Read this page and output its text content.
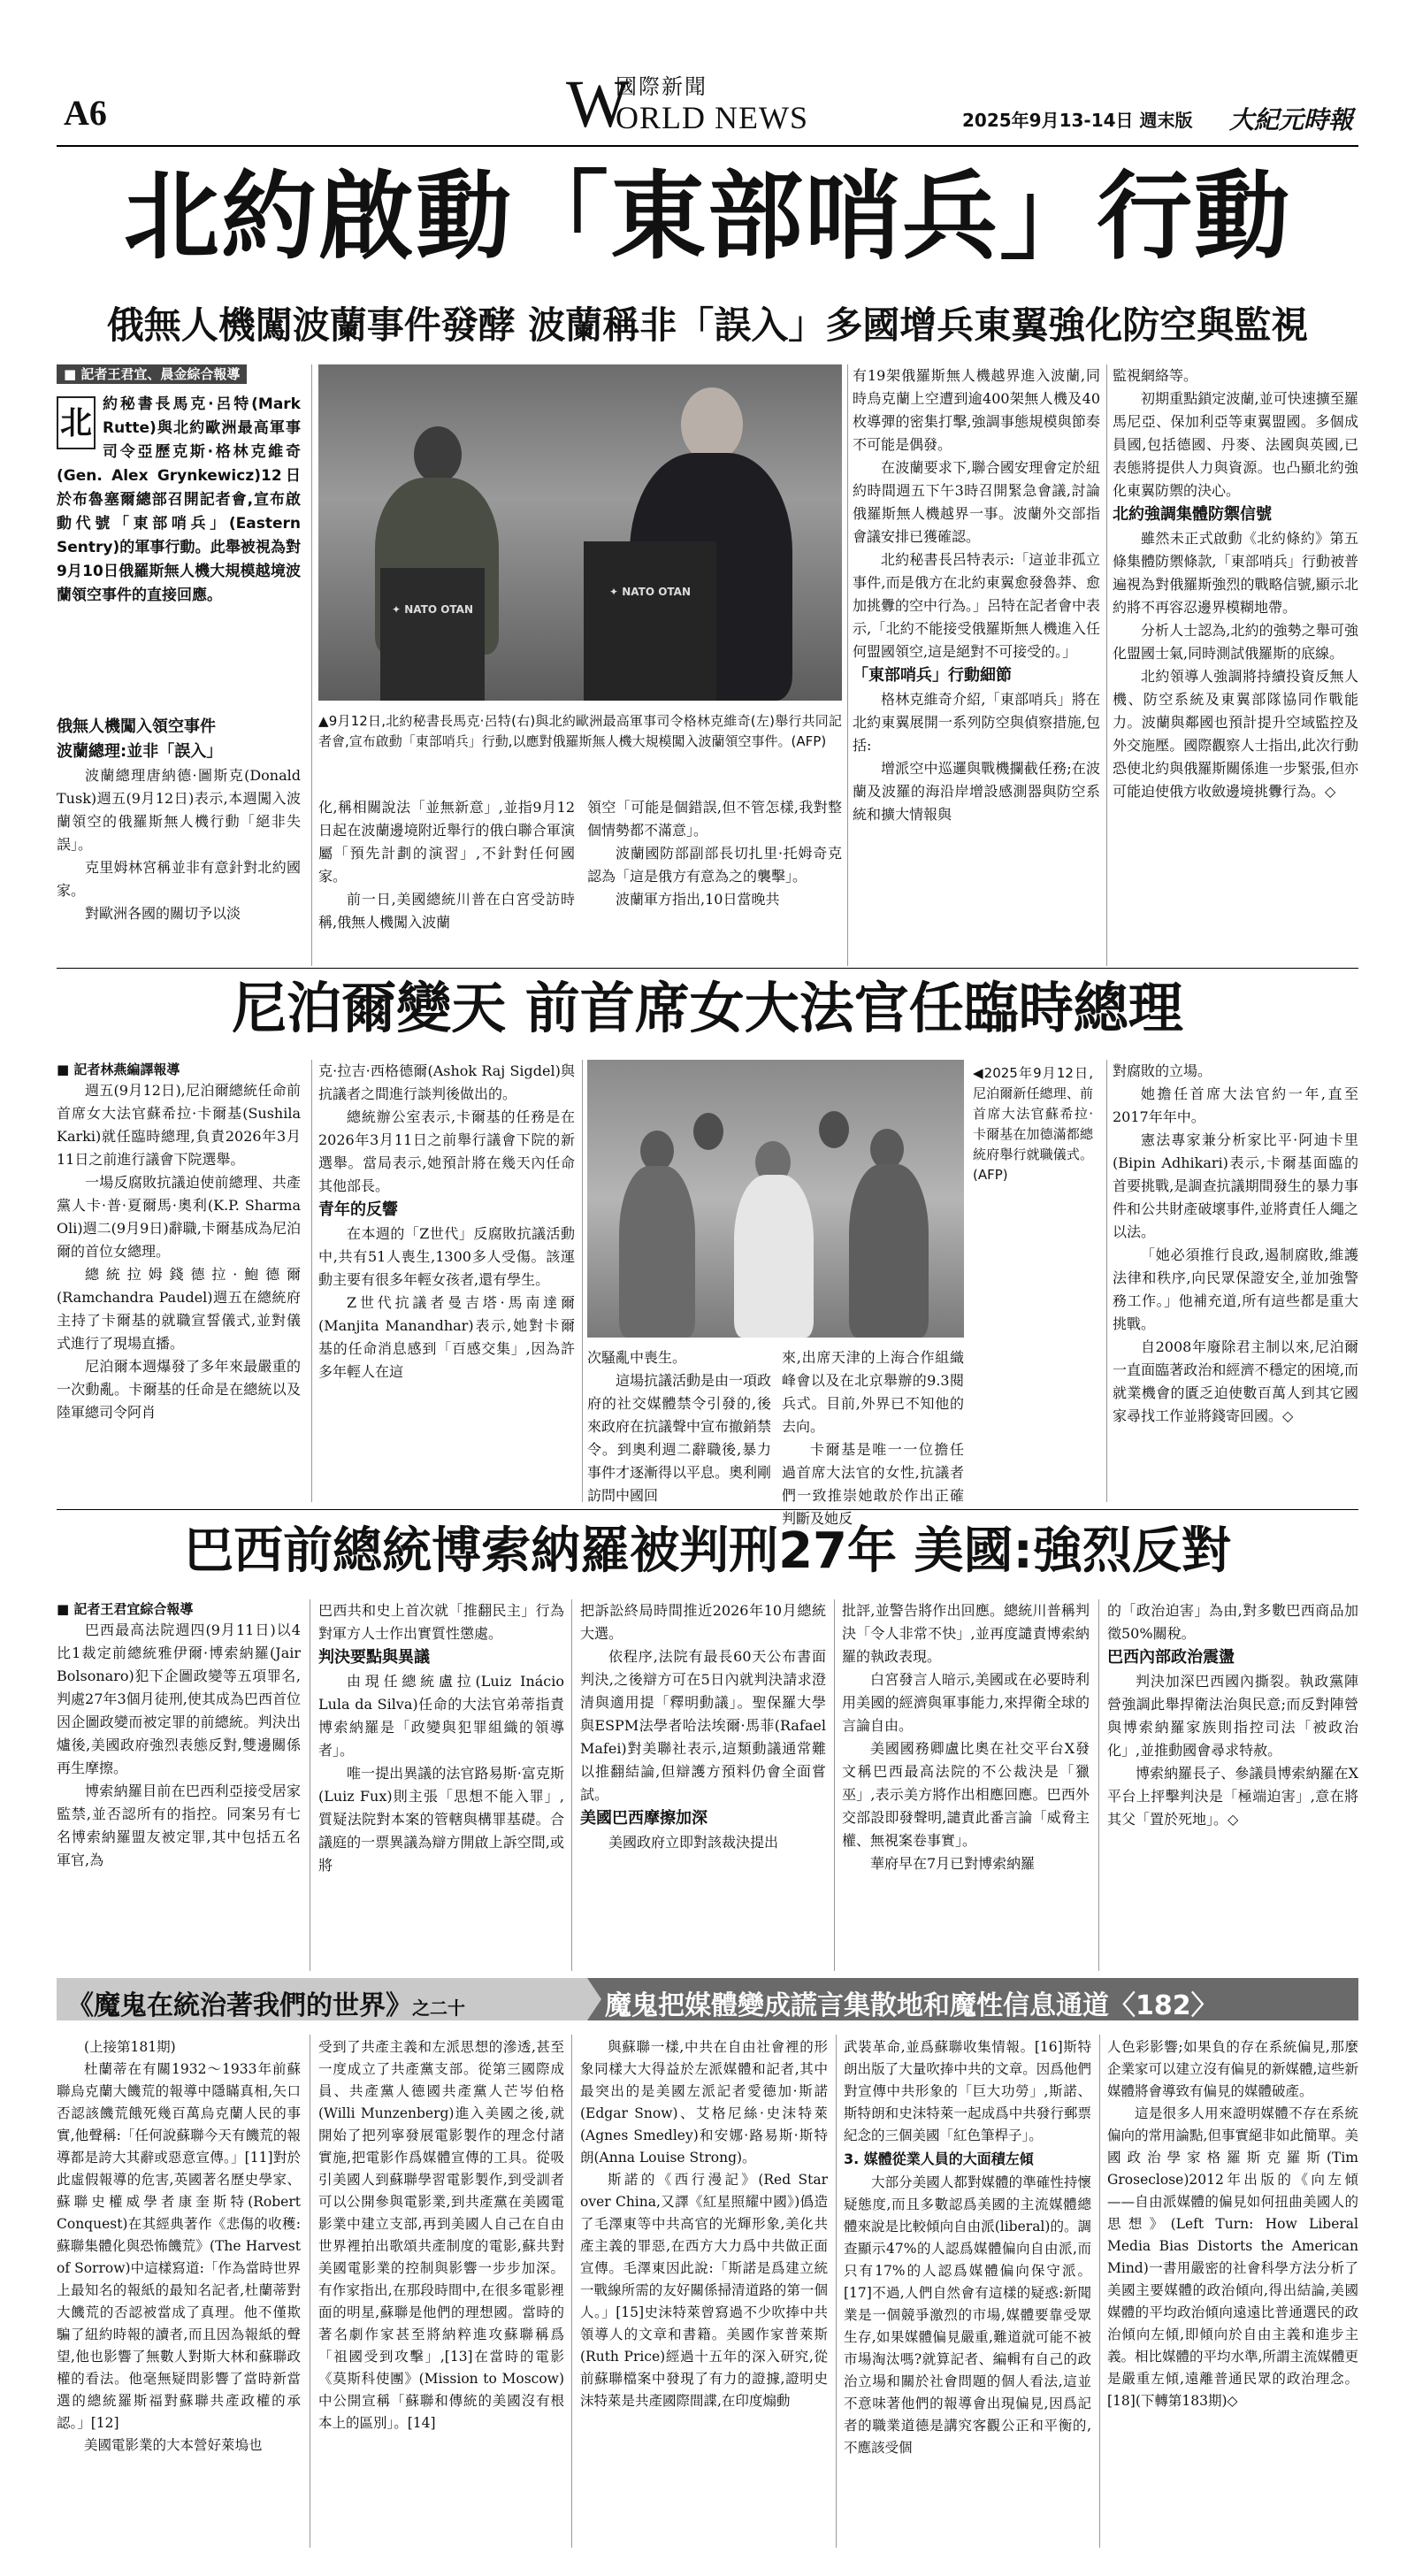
A6	W
國際新聞
ORLD NEWS	2025年9月13-14日 週末版 大紀元時報
北約啟動「東部哨兵」行動
俄無人機闖波蘭事件發酵 波蘭稱非「誤入」多國增兵東翼強化防空與監視
■ 記者王君宜、晨金綜合報導
北
約秘書長馬克·呂特(Mark Rutte)與北約歐洲最高軍事司令亞歷克斯·格林克維奇(Gen. Alex Grynkewicz)12日於布魯塞爾總部召開記者會,宣布啟動代號「東部哨兵」(Eastern Sentry)的軍事行動。此舉被視為對9月10日俄羅斯無人機大規模越境波蘭領空事件的直接回應。
✦ NATO OTAN
✦ NATO OTAN
▲9月12日,北約秘書長馬克·呂特(右)與北約歐洲最高軍事司令格林克維奇(左)舉行共同記者會,宣布啟動「東部哨兵」行動,以應對俄羅斯無人機大規模闖入波蘭領空事件。(AFP)

俄無人機闖入領空事件
波蘭總理:並非「誤入」

波蘭總理唐納德·圖斯克(Donald Tusk)週五(9月12日)表示,本週闖入波蘭領空的俄羅斯無人機行動「絕非失誤」。

克里姆林宮稱並非有意針對北約國家。

對歐洲各國的關切予以淡

化,稱相關說法「並無新意」,並指9月12日起在波蘭邊境附近舉行的俄白聯合軍演屬「預先計劃的演習」,不針對任何國家。

前一日,美國總統川普在白宮受訪時稱,俄無人機闖入波蘭

領空「可能是個錯誤,但不管怎樣,我對整個情勢都不滿意」。

波蘭國防部副部長切扎里·托姆奇克認為「這是俄方有意為之的襲擊」。

波蘭軍方指出,10日當晚共

有19架俄羅斯無人機越界進入波蘭,同時烏克蘭上空遭到逾400架無人機及40枚導彈的密集打擊,強調事態規模與節奏不可能是偶發。

在波蘭要求下,聯合國安理會定於紐約時間週五下午3時召開緊急會議,討論俄羅斯無人機越界一事。波蘭外交部指會議安排已獲確認。

北約秘書長呂特表示:「這並非孤立事件,而是俄方在北約東翼愈發魯莽、愈加挑釁的空中行為。」呂特在記者會中表示,「北約不能接受俄羅斯無人機進入任何盟國領空,這是絕對不可接受的。」

「東部哨兵」行動細節

格林克維奇介紹,「東部哨兵」將在北約東翼展開一系列防空與偵察措施,包括:

增派空中巡邏與戰機攔截任務;在波蘭及波羅的海沿岸增設感測器與防空系統和擴大情報與

監視網絡等。

初期重點鎖定波蘭,並可快速擴至羅馬尼亞、保加利亞等東翼盟國。多個成員國,包括德國、丹麥、法國與英國,已表態將提供人力與資源。也凸顯北約強化東翼防禦的決心。

北約強調集體防禦信號

雖然未正式啟動《北約條約》第五條集體防禦條款,「東部哨兵」行動被普遍視為對俄羅斯強烈的戰略信號,顯示北約將不再容忍邊界模糊地帶。

分析人士認為,北約的強勢之舉可強化盟國士氣,同時測試俄羅斯的底線。

北約領導人強調將持續投資反無人機、防空系統及東翼部隊協同作戰能力。波蘭與鄰國也預計提升空域監控及外交施壓。國際觀察人士指出,此次行動恐使北約與俄羅斯關係進一步緊張,但亦可能迫使俄方收斂邊境挑釁行為。◇

尼泊爾變天 前首席女大法官任臨時總理

■ 記者林燕編譯報導

週五(9月12日),尼泊爾總統任命前首席女大法官蘇希拉·卡爾基(Sushila Karki)就任臨時總理,負責2026年3月11日之前進行議會下院選舉。

一場反腐敗抗議迫使前總理、共產黨人卡·普·夏爾馬·奧利(K.P. Sharma Oli)週二(9月9日)辭職,卡爾基成為尼泊爾的首位女總理。

總統拉姆錢德拉·鮑德爾(Ramchandra Paudel)週五在總統府主持了卡爾基的就職宣誓儀式,並對儀式進行了現場直播。

尼泊爾本週爆發了多年來最嚴重的一次動亂。卡爾基的任命是在總統以及陸軍總司令阿肖

克·拉吉·西格德爾(Ashok Raj Sigdel)與抗議者之間進行談判後做出的。

總統辦公室表示,卡爾基的任務是在2026年3月11日之前舉行議會下院的新選舉。當局表示,她預計將在幾天內任命其他部長。

青年的反響

在本週的「Z世代」反腐敗抗議活動中,共有51人喪生,1300多人受傷。該運動主要有很多年輕女孩者,還有學生。

Z世代抗議者曼吉塔·馬南達爾(Manjita Manandhar)表示,她對卡爾基的任命消息感到「百感交集」,因為許多年輕人在這

◀2025年9月12日,尼泊爾新任總理、前首席大法官蘇希拉·卡爾基在加德滿都總統府舉行就職儀式。(AFP)

次騷亂中喪生。

這場抗議活動是由一項政府的社交媒體禁令引發的,後來政府在抗議聲中宣布撤銷禁令。到奧利週二辭職後,暴力事件才逐漸得以平息。奧利剛訪問中國回

來,出席天津的上海合作組織峰會以及在北京舉辦的9.3閱兵式。目前,外界已不知他的去向。

卡爾基是唯一一位擔任過首席大法官的女性,抗議者們一致推崇她敢於作出正確判斷及她反

對腐敗的立場。

她擔任首席大法官約一年,直至2017年年中。

憲法專家兼分析家比平·阿迪卡里(Bipin Adhikari)表示,卡爾基面臨的首要挑戰,是調查抗議期間發生的暴力事件和公共財產破壞事件,並將責任人繩之以法。

「她必須推行良政,遏制腐敗,維護法律和秩序,向民眾保證安全,並加強警務工作。」他補充道,所有這些都是重大挑戰。

自2008年廢除君主制以來,尼泊爾一直面臨著政治和經濟不穩定的困境,而就業機會的匱乏迫使數百萬人到其它國家尋找工作並將錢寄回國。◇

巴西前總統博索納羅被判刑27年 美國:強烈反對

■ 記者王君宜綜合報導

巴西最高法院週四(9月11日)以4比1裁定前總統雅伊爾·博索納羅(Jair Bolsonaro)犯下企圖政變等五項罪名,判處27年3個月徒刑,使其成為巴西首位因企圖政變而被定罪的前總統。判決出爐後,美國政府強烈表態反對,雙邊關係再生摩擦。

博索納羅目前在巴西利亞接受居家監禁,並否認所有的指控。同案另有七名博索納羅盟友被定罪,其中包括五名軍官,為

巴西共和史上首次就「推翻民主」行為對軍方人士作出實質性懲處。

判決要點與異議

由現任總統盧拉(Luiz Inácio Lula da Silva)任命的大法官弟蒂指責博索納羅是「政變與犯罪組織的領導者」。

唯一提出異議的法官路易斯·富克斯(Luiz Fux)則主張「思想不能入罪」,質疑法院對本案的管轄與構罪基礎。合議庭的一票異議為辯方開啟上訴空間,或將

把訴訟終局時間推近2026年10月總統大選。

依程序,法院有最長60天公布書面判決,之後辯方可在5日內就判決請求澄清與適用提「釋明動議」。聖保羅大學與ESPM法學者哈法埃爾·馬菲(Rafael Mafei)對美聯社表示,這類動議通常難以推翻結論,但辯護方預料仍會全面嘗試。

美國巴西摩擦加深

美國政府立即對該裁決提出

批評,並警告將作出回應。總統川普稱判決「令人非常不快」,並再度譴責博索納羅的執政表現。

白宮發言人暗示,美國或在必要時利用美國的經濟與軍事能力,來捍衛全球的言論自由。

美國國務卿盧比奧在社交平台X發文稱巴西最高法院的不公裁決是「獵巫」,表示美方將作出相應回應。巴西外交部設即發聲明,譴責此番言論「威脅主權、無視案卷事實」。

華府早在7月已對博索納羅

的「政治迫害」為由,對多數巴西商品加徵50%關稅。

巴西內部政治震盪

判決加深巴西國內撕裂。執政黨陣營強調此舉捍衛法治與民意;而反對陣營與博索納羅家族則指控司法「被政治化」,並推動國會尋求特赦。

博索納羅長子、參議員博索納羅在X平台上抨擊判決是「極端迫害」,意在將其父「置於死地」。◇

《魔鬼在統治著我們的世界》之二十	魔鬼把媒體變成謊言集散地和魔性信息通道〈182〉

(上接第181期)

杜蘭蒂在有關1932～1933年前蘇聯烏克蘭大饑荒的報導中隱瞞真相,矢口否認該饑荒餓死幾百萬烏克蘭人民的事實,他聲稱:「任何說蘇聯今天有饑荒的報導都是誇大其辭或惡意宣傳。」[11]對於此虛假報導的危害,英國著名歷史學家、蘇聯史權威學者康奎斯特(Robert Conquest)在其經典著作《悲傷的收穫:蘇聯集體化與恐怖饑荒》(The Harvest of Sorrow)中這樣寫道:「作為當時世界上最知名的報紙的最知名記者,杜蘭蒂對大饑荒的否認被當成了真理。他不僅欺騙了紐約時報的讀者,而且因為報紙的聲望,他也影響了無數人對斯大林和蘇聯政權的看法。他毫無疑問影響了當時新當選的總統羅斯福對蘇聯共產政權的承認。」[12]

美國電影業的大本營好萊塢也

受到了共產主義和左派思想的滲透,甚至一度成立了共產黨支部。從第三國際成員、共產黨人德國共產黨人芒岑伯格(Willi Munzenberg)進入美國之後,就開始了把列寧發展電影製作的理念付諸實施,把電影作爲媒體宣傳的工具。從吸引美國人到蘇聯學習電影製作,到受訓者可以公開參與電影業,到共產黨在美國電影業中建立支部,再到美國人自己在自由世界裡拍出歌頌共產制度的電影,蘇共對美國電影業的控制與影響一步步加深。有作家指出,在那段時間中,在很多電影裡面的明星,蘇聯是他們的理想國。當時的著名劇作家甚至將納粹進攻蘇聯稱爲「祖國受到攻擊」,[13]在當時的電影《莫斯科使團》(Mission to Moscow)中公開宣稱「蘇聯和傳統的美國沒有根本上的區別」。[14]

與蘇聯一樣,中共在自由社會裡的形象同樣大大得益於左派媒體和記者,其中最突出的是美國左派記者愛德加·斯諾(Edgar Snow)、艾格尼絲·史沫特萊(Agnes Smedley)和安娜·路易斯·斯特朗(Anna Louise Strong)。

斯諾的《西行漫記》(Red Star over China,又譯《紅星照耀中國》)僞造了毛澤東等中共高官的光輝形象,美化共產主義的罪惡,在西方大力爲中共做正面宣傳。毛澤東因此說:「斯諾是爲建立統一戰線所需的友好關係掃清道路的第一個人。」[15]史沫特萊曾寫過不少吹捧中共領導人的文章和書籍。美國作家普萊斯(Ruth Price)經過十五年的深入研究,從前蘇聯檔案中發現了有力的證據,證明史沫特萊是共產國際間諜,在印度煽動

武裝革命,並爲蘇聯收集情報。[16]斯特朗出版了大量吹捧中共的文章。因爲他們對宣傳中共形象的「巨大功勞」,斯諾、斯特朗和史沫特萊一起成爲中共發行郵票紀念的三個美國「紅色筆桿子」。

3. 媒體從業人員的大面積左傾

大部分美國人都對媒體的準確性持懷疑態度,而且多數認爲美國的主流媒體總體來說是比較傾向自由派(liberal)的。調查顯示47%的人認爲媒體偏向自由派,而只有17%的人認爲媒體偏向保守派。[17]不過,人們自然會有這樣的疑惑:新聞業是一個競爭激烈的市場,媒體要靠受眾生存,如果媒體偏見嚴重,難道就可能不被市場淘汰嗎?就算記者、編輯有自己的政治立場和關於社會問題的個人看法,這並不意味著他們的報導會出現偏見,因爲記者的職業道德是講究客觀公正和平衡的,不應該受個

人色彩影響;如果負的存在系統偏見,那麼企業家可以建立沒有偏見的新媒體,這些新媒體將會導致有偏見的媒體破產。

這是很多人用來證明媒體不存在系統偏向的常用論點,但事實絕非如此簡單。美國政治學家格羅斯克羅斯(Tim Groseclose)2012年出版的《向左傾——自由派媒體的偏見如何扭曲美國人的思想》(Left Turn: How Liberal Media Bias Distorts the American Mind)一書用嚴密的社會科學方法分析了美國主要媒體的政治傾向,得出結論,美國媒體的平均政治傾向遠遠比普通選民的政治傾向左傾,即傾向於自由主義和進步主義。相比媒體的平均水準,所謂主流媒體更是嚴重左傾,遠離普通民眾的政治理念。[18](下轉第183期)◇
